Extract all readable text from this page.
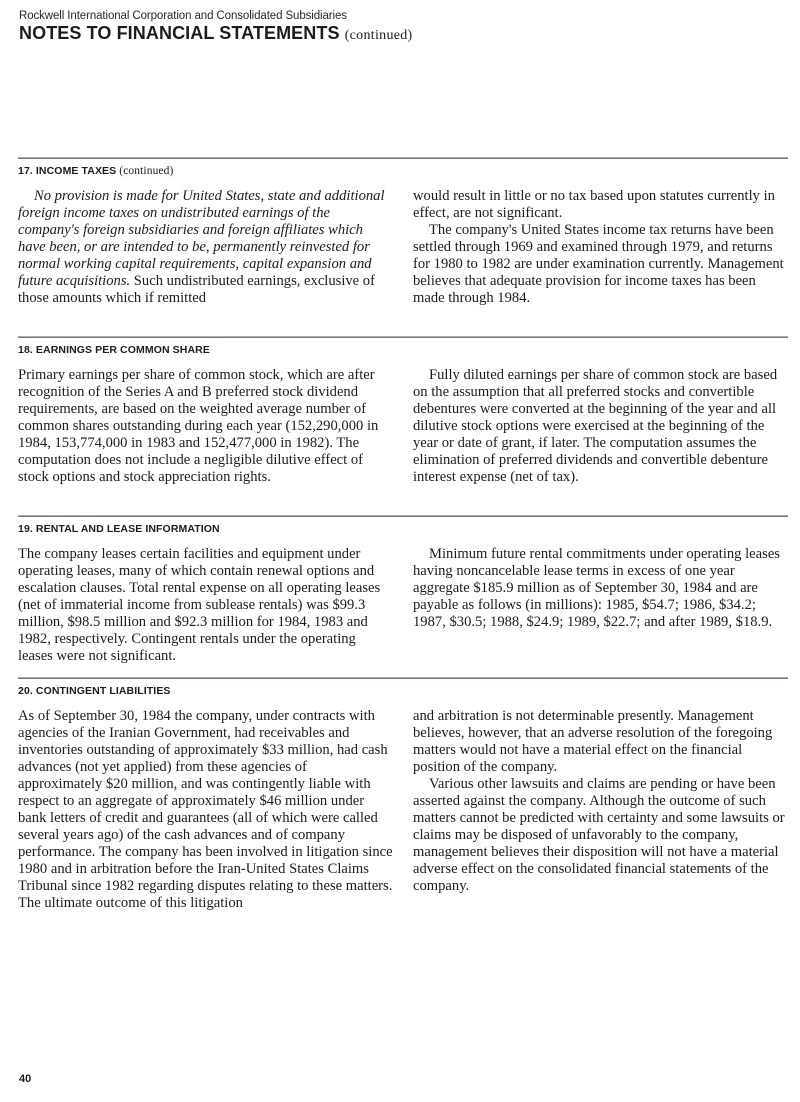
Rockwell International Corporation and Consolidated Subsidiaries
NOTES TO FINANCIAL STATEMENTS (continued)
17. INCOME TAXES (continued)

No provision is made for United States, state and additional foreign income taxes on undistributed earnings of the company's foreign subsidiaries and foreign affiliates which have been, or are intended to be, permanently reinvested for normal working capital requirements, capital expansion and future acquisitions. Such undistributed earnings, exclusive of those amounts which if remitted

would result in little or no tax based upon statutes currently in effect, are not significant.

The company's United States income tax returns have been settled through 1969 and examined through 1979, and returns for 1980 to 1982 are under examination currently. Management believes that adequate provision for income taxes has been made through 1984.

18. EARNINGS PER COMMON SHARE

Primary earnings per share of common stock, which are after recognition of the Series A and B preferred stock dividend requirements, are based on the weighted average number of common shares outstanding during each year (152,290,000 in 1984, 153,774,000 in 1983 and 152,477,000 in 1982). The computation does not include a negligible dilutive effect of stock options and stock appreciation rights.

Fully diluted earnings per share of common stock are based on the assumption that all preferred stocks and convertible debentures were converted at the beginning of the year and all dilutive stock options were exercised at the beginning of the year or date of grant, if later. The computation assumes the elimination of preferred dividends and convertible debenture interest expense (net of tax).

19. RENTAL AND LEASE INFORMATION

The company leases certain facilities and equipment under operating leases, many of which contain renewal options and escalation clauses. Total rental expense on all operating leases (net of immaterial income from sublease rentals) was $99.3 million, $98.5 million and $92.3 million for 1984, 1983 and 1982, respectively. Contingent rentals under the operating leases were not significant.

Minimum future rental commitments under operating leases having noncancelable lease terms in excess of one year aggregate $185.9 million as of September 30, 1984 and are payable as follows (in millions): 1985, $54.7; 1986, $34.2; 1987, $30.5; 1988, $24.9; 1989, $22.7; and after 1989, $18.9.

20. CONTINGENT LIABILITIES

As of September 30, 1984 the company, under contracts with agencies of the Iranian Government, had receivables and inventories outstanding of approximately $33 million, had cash advances (not yet applied) from these agencies of approximately $20 million, and was contingently liable with respect to an aggregate of approximately $46 million under bank letters of credit and guarantees (all of which were called several years ago) of the cash advances and of company performance. The company has been involved in litigation since 1980 and in arbitration before the Iran-United States Claims Tribunal since 1982 regarding disputes relating to these matters. The ultimate outcome of this litigation

and arbitration is not determinable presently. Management believes, however, that an adverse resolution of the foregoing matters would not have a material effect on the financial position of the company.

Various other lawsuits and claims are pending or have been asserted against the company. Although the outcome of such matters cannot be predicted with certainty and some lawsuits or claims may be disposed of unfavorably to the company, management believes their disposition will not have a material adverse effect on the consolidated financial statements of the company.

40
